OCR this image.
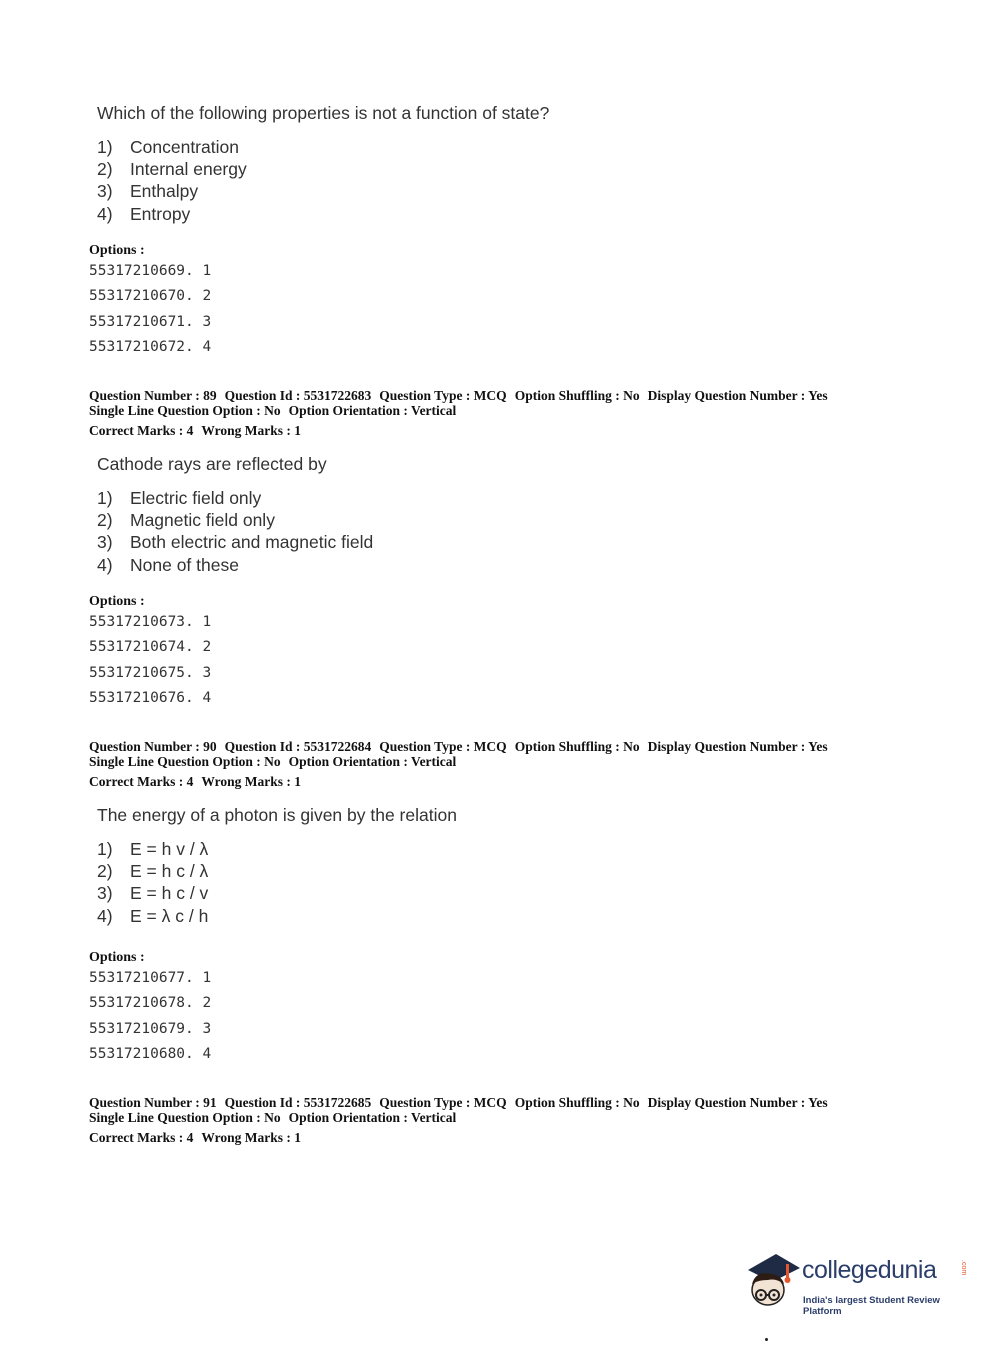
Which of the following properties is not a function of state?
1) Concentration
2) Internal energy
3) Enthalpy
4) Entropy
Options :
55317210669. 1
55317210670. 2
55317210671. 3
55317210672. 4
Question Number : 89 Question Id : 5531722683 Question Type : MCQ Option Shuffling : No Display Question Number : Yes
Single Line Question Option : No Option Orientation : Vertical
Correct Marks : 4 Wrong Marks : 1
Cathode rays are reflected by
1) Electric field only
2) Magnetic field only
3) Both electric and magnetic field
4) None of these
Options :
55317210673. 1
55317210674. 2
55317210675. 3
55317210676. 4
Question Number : 90 Question Id : 5531722684 Question Type : MCQ Option Shuffling : No Display Question Number : Yes
Single Line Question Option : No Option Orientation : Vertical
Correct Marks : 4 Wrong Marks : 1
The energy of a photon is given by the relation
1) E = h v / λ
2) E = h c / λ
3) E = h c / v
4) E = λ c / h
Options :
55317210677. 1
55317210678. 2
55317210679. 3
55317210680. 4
Question Number : 91 Question Id : 5531722685 Question Type : MCQ Option Shuffling : No Display Question Number : Yes
Single Line Question Option : No Option Orientation : Vertical
Correct Marks : 4 Wrong Marks : 1
collegedunia	.com
India's largest Student Review Platform
